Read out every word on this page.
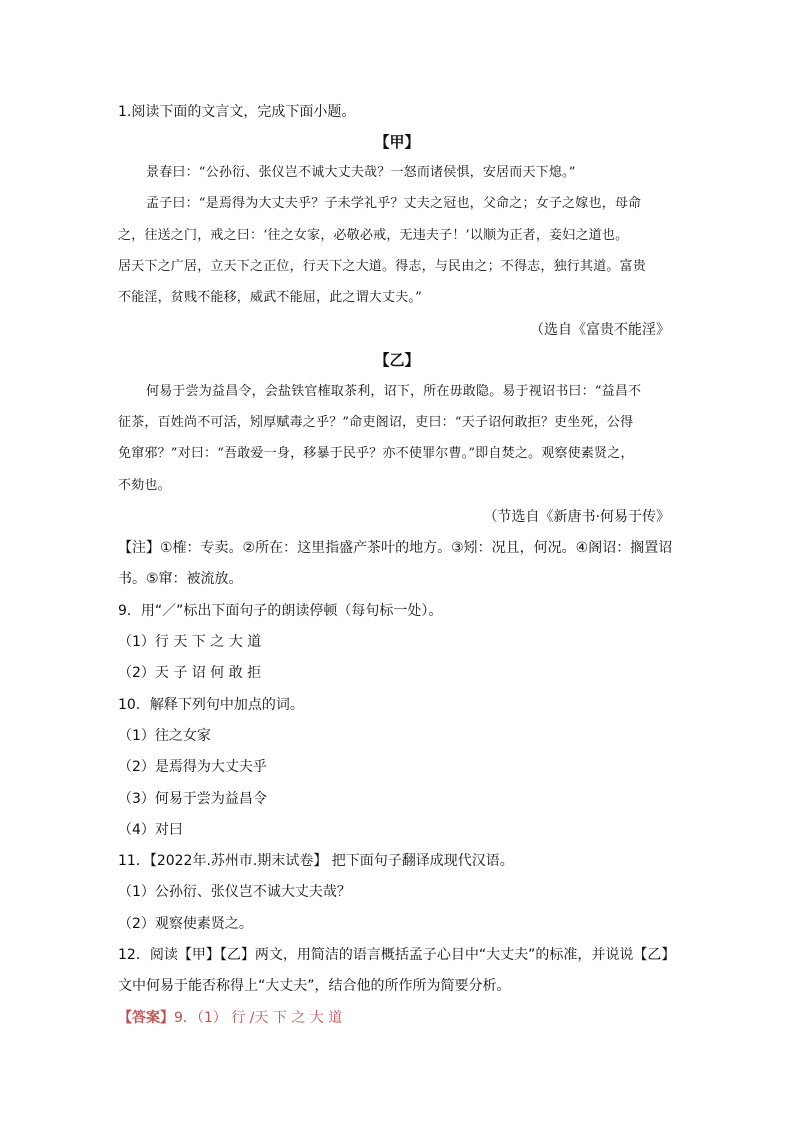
1.阅读下面的文言文，完成下面小题。
【甲】
景春曰：“公孙衍、张仪岂不诚大丈夫哉？一怒而诸侯惧，安居而天下熄。”
孟子曰：“是焉得为大丈夫乎？子未学礼乎？丈夫之冠也，父命之；女子之嫁也，母命
之，往送之门，戒之曰：‘往之女家，必敬必戒，无违夫子！’以顺为正者，妾妇之道也。
居天下之广居，立天下之正位，行天下之大道。得志，与民由之；不得志，独行其道。富贵
不能淫，贫贱不能移，威武不能屈，此之谓大丈夫。”
（选自《富贵不能淫》
【乙】
何易于尝为益昌令，会盐铁官榷取茶利，诏下，所在毋敢隐。易于视诏书曰：“益昌不
征茶，百姓尚不可活，矧厚赋毒之乎？”命吏阁诏，吏曰：“天子诏何敢拒？吏坐死，公得
免窜邪？”对曰：“吾敢爱一身，移暴于民乎？亦不使罪尔曹。”即自焚之。观察使素贤之，
不劾也。
（节选自《新唐书·何易于传》
【注】①榷：专卖。②所在：这里指盛产茶叶的地方。③矧：况且，何况。④阁诏：搁置诏
书。⑤窜：被流放。
9．用“／”标出下面句子的朗读停顿（每句标一处）。
（1）行 天 下 之 大 道
（2）天 子 诏 何 敢 拒
10．解释下列句中加点的词。
（1）往之女家
（2）是焉得为大丈夫乎
（3）何易于尝为益昌令
（4）对曰
11．【2022年.苏州市.期末试卷】 把下面句子翻译成现代汉语。
（1）公孙衍、张仪岂不诚大丈夫哉？
（2）观察使素贤之。
12．阅读【甲】【乙】两文，用简洁的语言概括孟子心目中“大丈夫”的标准，并说说【乙】
文中何易于能否称得上“大丈夫”，结合他的所作所为简要分析。
【答案】9．（1） 行 /天 下 之 大 道
